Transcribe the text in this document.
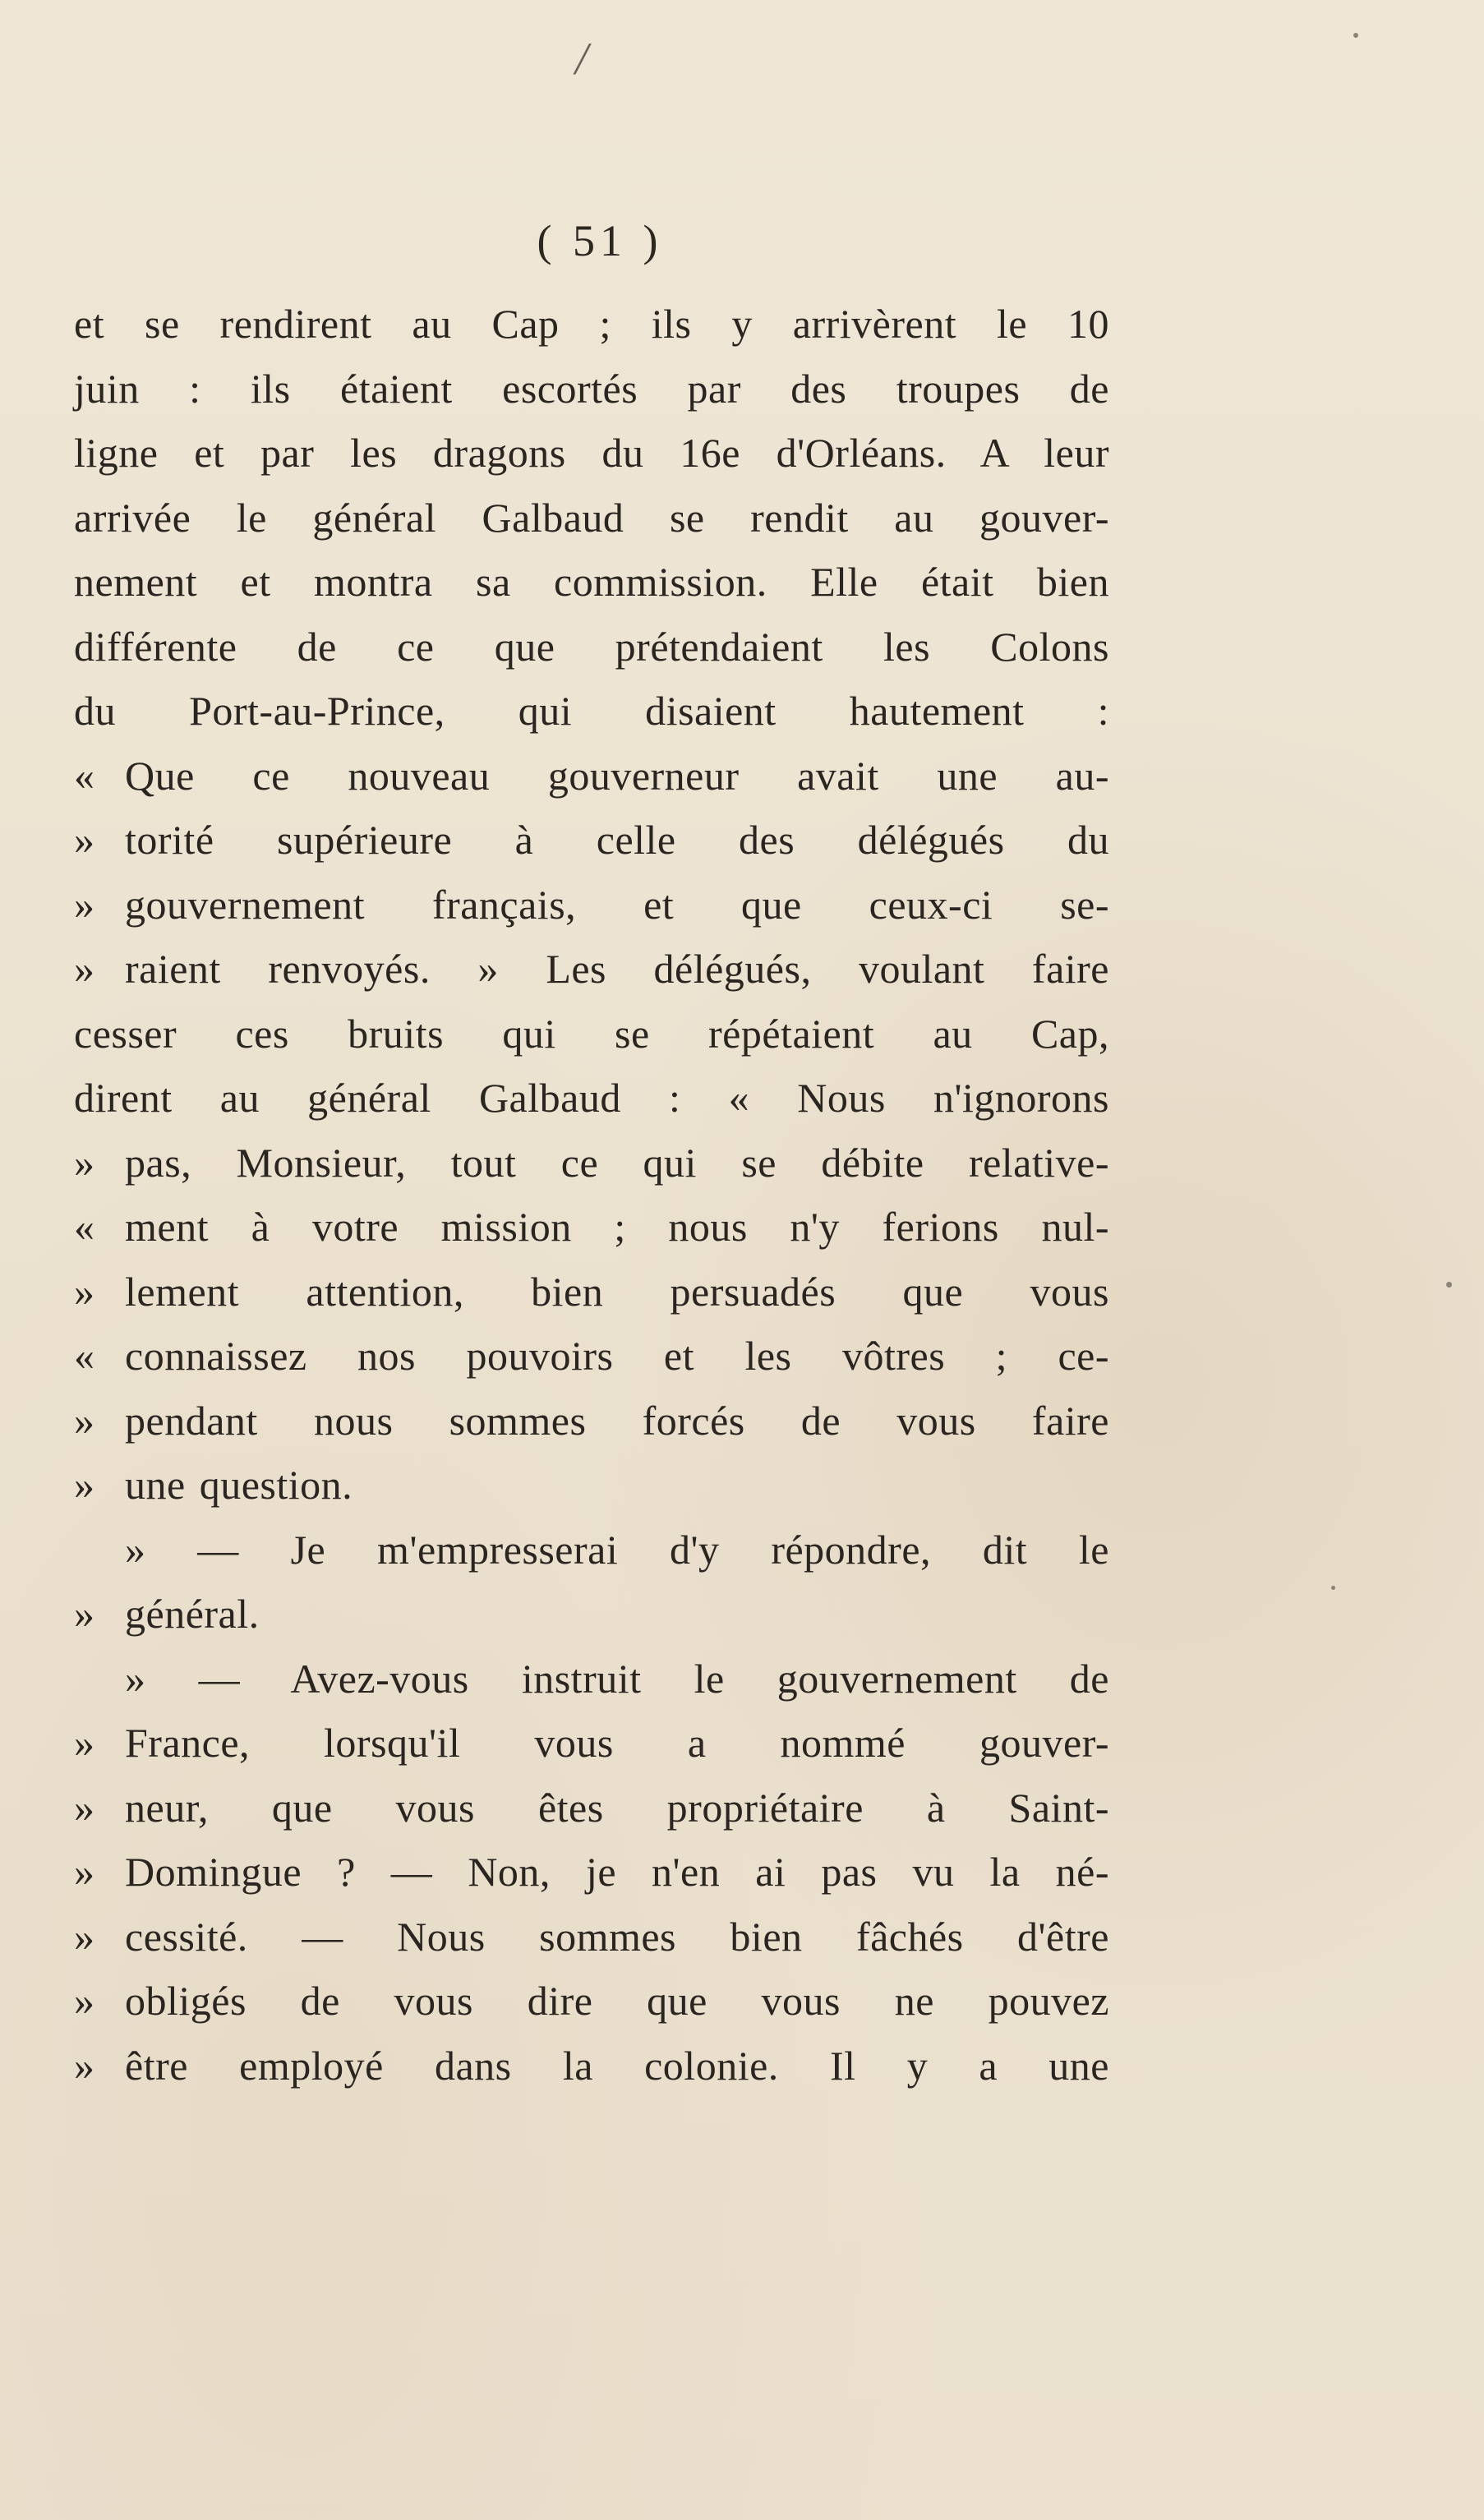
/
( 51 )
et se rendirent au Cap ; ils y arrivèrent le 10
juin : ils étaient escortés par des troupes de
ligne et par les dragons du 16e d'Orléans. A leur
arrivée le général Galbaud se rendit au gouver-
nement et montra sa commission. Elle était bien
différente de ce que prétendaient les Colons
du Port-au-Prince, qui disaient hautement :
« Que ce nouveau gouverneur avait une au-
» torité supérieure à celle des délégués du
» gouvernement français, et que ceux-ci se-
» raient renvoyés. » Les délégués, voulant faire
cesser ces bruits qui se répétaient au Cap,
dirent au général Galbaud : « Nous n'ignorons
» pas, Monsieur, tout ce qui se débite relative-
« ment à votre mission ; nous n'y ferions nul-
» lement attention, bien persuadés que vous
« connaissez nos pouvoirs et les vôtres ; ce-
» pendant nous sommes forcés de vous faire
» une question.
» — Je m'empresserai d'y répondre, dit le
» général.
» — Avez-vous instruit le gouvernement de
» France, lorsqu'il vous a nommé gouver-
» neur, que vous êtes propriétaire à Saint-
» Domingue ? — Non, je n'en ai pas vu la né-
» cessité. — Nous sommes bien fâchés d'être
» obligés de vous dire que vous ne pouvez
» être employé dans la colonie. Il y a une
